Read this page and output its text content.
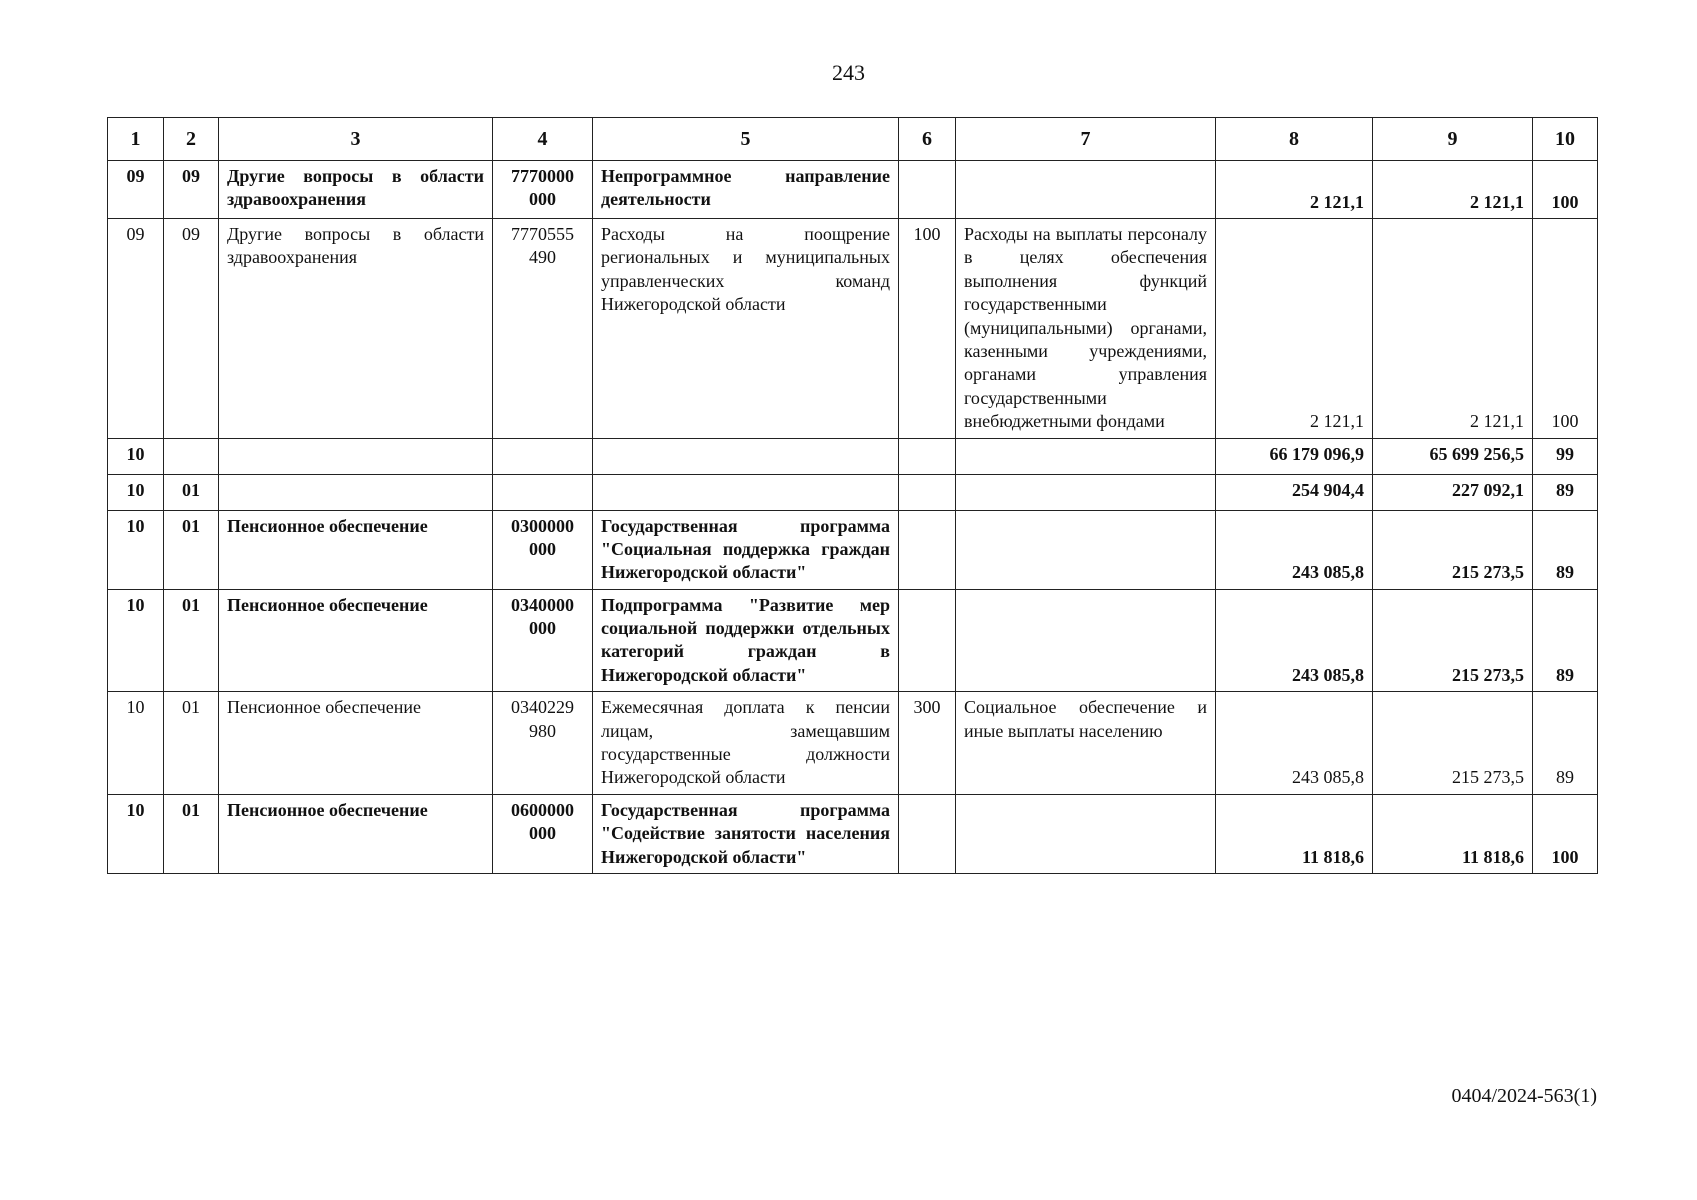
243
1	2	3	4	5	6	7	8	9	10
09	09	Другие вопросы в области здравоохранения	7770000 000	Непрограммное направление деятельности			2 121,1	2 121,1	100
09	09	Другие вопросы в области здравоохранения	7770555 490	Расходы на поощрение региональных и муниципальных управленческих команд Нижегородской области	100	Расходы на выплаты персоналу в целях обеспечения выполнения функций государственными (муниципальными) органами, казенными учреждениями, органами управления государственными внебюджетными фондами	2 121,1	2 121,1	100
10							66 179 096,9	65 699 256,5	99
10	01						254 904,4	227 092,1	89
10	01	Пенсионное обеспечение	0300000 000	Государственная программа "Социальная поддержка граждан Нижегородской области"			243 085,8	215 273,5	89
10	01	Пенсионное обеспечение	0340000 000	Подпрограмма "Развитие мер социальной поддержки отдельных категорий граждан в Нижегородской области"			243 085,8	215 273,5	89
10	01	Пенсионное обеспечение	0340229 980	Ежемесячная доплата к пенсии лицам, замещавшим государственные должности Нижегородской области	300	Социальное обеспечение и иные выплаты населению	243 085,8	215 273,5	89
10	01	Пенсионное обеспечение	0600000 000	Государственная программа "Содействие занятости населения Нижегородской области"			11 818,6	11 818,6	100
0404/2024-563(1)
